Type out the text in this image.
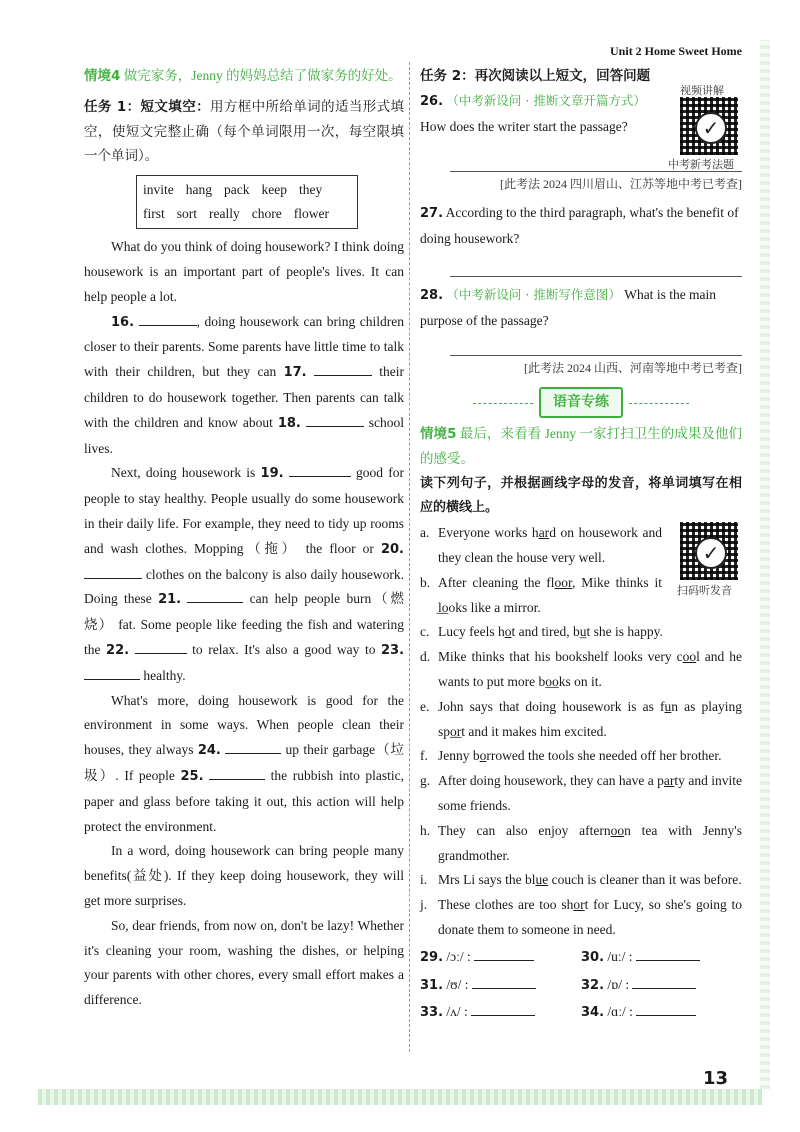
Unit 2 Home Sweet Home

情境4 做完家务，Jenny 的妈妈总结了做家务的好处。

任务 1：短文填空：用方框中所给单词的适当形式填空，使短文完整止确（每个单词限用一次，每空限填一个单词）。

invite hang pack keep they
first sort really chore flower

What do you think of doing housework? I think doing housework is an important part of people's lives. It can help people a lot.

16.	, doing housework can bring children closer to their parents. Some parents have little time to talk with their children, but they can 17.	their children to do housework together. Then parents can talk with the children and know about 18.	school lives.

Next, doing housework is 19.	good for people to stay healthy. People usually do some housework in their daily life. For example, they need to tidy up rooms and wash clothes. Mopping（拖） the floor or 20.  clothes on the balcony is also daily housework. Doing these 21.	can help people burn（燃烧） fat. Some people like feeding the fish and watering the 22.	to relax. It's also a good way to 23.  healthy.

What's more, doing housework is good for the environment in some ways. When people clean their houses, they always 24.	up their garbage（垃圾）. If people 25.	the rubbish into plastic, paper and glass before taking it out, this action will help protect the environment.

In a word, doing housework can bring people many benefits(益处). If they keep doing housework, they will get more surprises.

So, dear friends, from now on, don't be lazy! Whether it's cleaning your room, washing the dishes, or helping your parents with other chores, every small effort makes a difference.

任务 2：再次阅读以上短文，回答问题

26. （中考新设问 · 推断文章开篇方式） How does the writer start the passage?
[此考法 2024 四川眉山、江苏等地中考已考查]
27. According to the third paragraph, what's the benefit of doing housework?
28. （中考新设问 · 推断写作意图） What is the main purpose of the passage?
[此考法 2024 山西、河南等地中考已考查]
语音专练

情境5 最后，来看看 Jenny 一家打扫卫生的成果及他们的感受。

读下列句子，并根据画线字母的发音，将单词填写在相应的横线上。

a. Everyone works hard on housework and they clean the house very well.
b. After cleaning the floor, Mike thinks it l̲o̲oks like a mirror.
c. Lucy feels hot and tired, bu̲t she is happy.
d. Mike thinks that his bookshelf looks very cool and he wants to put more bo̲o̲ks on it.
e. John says that doing housework is as fun as playing spo̲r̲t and it makes him excited.
f. Jenny borrowed the tools she needed off her brother.
g. After doing housework, they can have a party and invite some friends.
h. They can also enjoy afternoon tea with Jenny's grandmother.
i. Mrs Li says the blue couch is cleaner than it was before.
j. These clothes are too short for Lucy, so she's going to donate them to someone in need.
29. /ɔː/ :	30. /uː/ :
31. /ʊ/ :	32. /ɒ/ :
33. /ʌ/ :	34. /ɑː/ :
视频讲解
✓
中考新考法题
✓
扫码听发音
13
